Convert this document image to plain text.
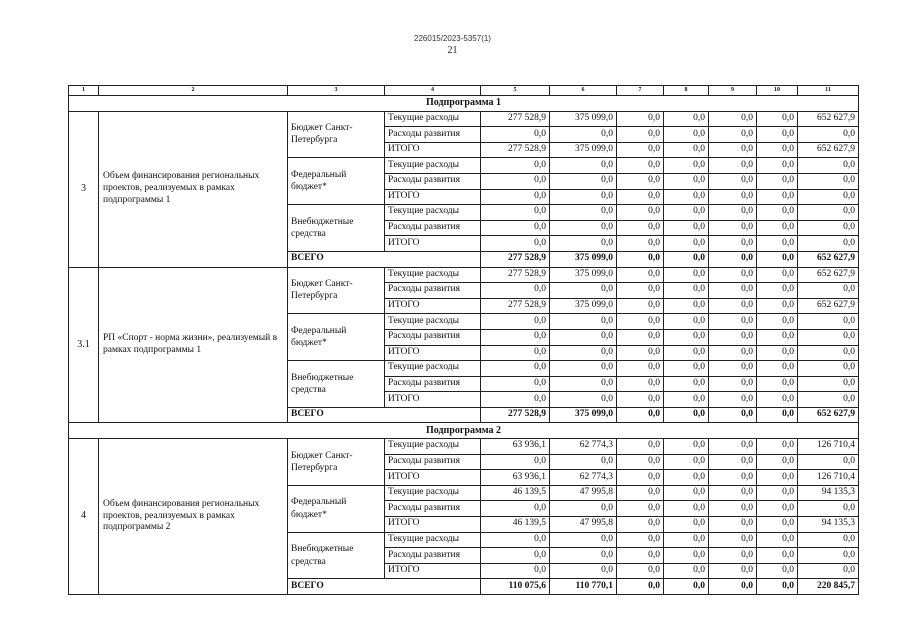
226015/2023-5357(1)
21
1	2	3	4	5	6	7	8	9	10	11
Подпрограмма 1										
3	Объем финансирования региональных проектов, реализуемых в рамках подпрограммы 1	Бюджет Санкт-Петербурга	Текущие расходы	277 528,9	375 099,0	0,0	0,0	0,0	0,0	652 627,9
			Расходы развития	0,0	0,0	0,0	0,0	0,0	0,0	0,0
			ИТОГО	277 528,9	375 099,0	0,0	0,0	0,0	0,0	652 627,9
		Федеральный бюджет*	Текущие расходы	0,0	0,0	0,0	0,0	0,0	0,0	0,0
			Расходы развития	0,0	0,0	0,0	0,0	0,0	0,0	0,0
			ИТОГО	0,0	0,0	0,0	0,0	0,0	0,0	0,0
		Внебюджетные средства	Текущие расходы	0,0	0,0	0,0	0,0	0,0	0,0	0,0
			Расходы развития	0,0	0,0	0,0	0,0	0,0	0,0	0,0
			ИТОГО	0,0	0,0	0,0	0,0	0,0	0,0	0,0
		ВСЕГО		277 528,9	375 099,0	0,0	0,0	0,0	0,0	652 627,9
3.1	РП «Спорт - норма жизни», реализуемый в рамках подпрограммы 1	Бюджет Санкт-Петербурга	Текущие расходы	277 528,9	375 099,0	0,0	0,0	0,0	0,0	652 627,9
			Расходы развития	0,0	0,0	0,0	0,0	0,0	0,0	0,0
			ИТОГО	277 528,9	375 099,0	0,0	0,0	0,0	0,0	652 627,9
		Федеральный бюджет*	Текущие расходы	0,0	0,0	0,0	0,0	0,0	0,0	0,0
			Расходы развития	0,0	0,0	0,0	0,0	0,0	0,0	0,0
			ИТОГО	0,0	0,0	0,0	0,0	0,0	0,0	0,0
		Внебюджетные средства	Текущие расходы	0,0	0,0	0,0	0,0	0,0	0,0	0,0
			Расходы развития	0,0	0,0	0,0	0,0	0,0	0,0	0,0
			ИТОГО	0,0	0,0	0,0	0,0	0,0	0,0	0,0
		ВСЕГО		277 528,9	375 099,0	0,0	0,0	0,0	0,0	652 627,9
Подпрограмма 2										
4	Объем финансирования региональных проектов, реализуемых в рамках подпрограммы 2	Бюджет Санкт-Петербурга	Текущие расходы	63 936,1	62 774,3	0,0	0,0	0,0	0,0	126 710,4
			Расходы развития	0,0	0,0	0,0	0,0	0,0	0,0	0,0
			ИТОГО	63 936,1	62 774,3	0,0	0,0	0,0	0,0	126 710,4
		Федеральный бюджет*	Текущие расходы	46 139,5	47 995,8	0,0	0,0	0,0	0,0	94 135,3
			Расходы развития	0,0	0,0	0,0	0,0	0,0	0,0	0,0
			ИТОГО	46 139,5	47 995,8	0,0	0,0	0,0	0,0	94 135,3
		Внебюджетные средства	Текущие расходы	0,0	0,0	0,0	0,0	0,0	0,0	0,0
			Расходы развития	0,0	0,0	0,0	0,0	0,0	0,0	0,0
			ИТОГО	0,0	0,0	0,0	0,0	0,0	0,0	0,0
		ВСЕГО		110 075,6	110 770,1	0,0	0,0	0,0	0,0	220 845,7
